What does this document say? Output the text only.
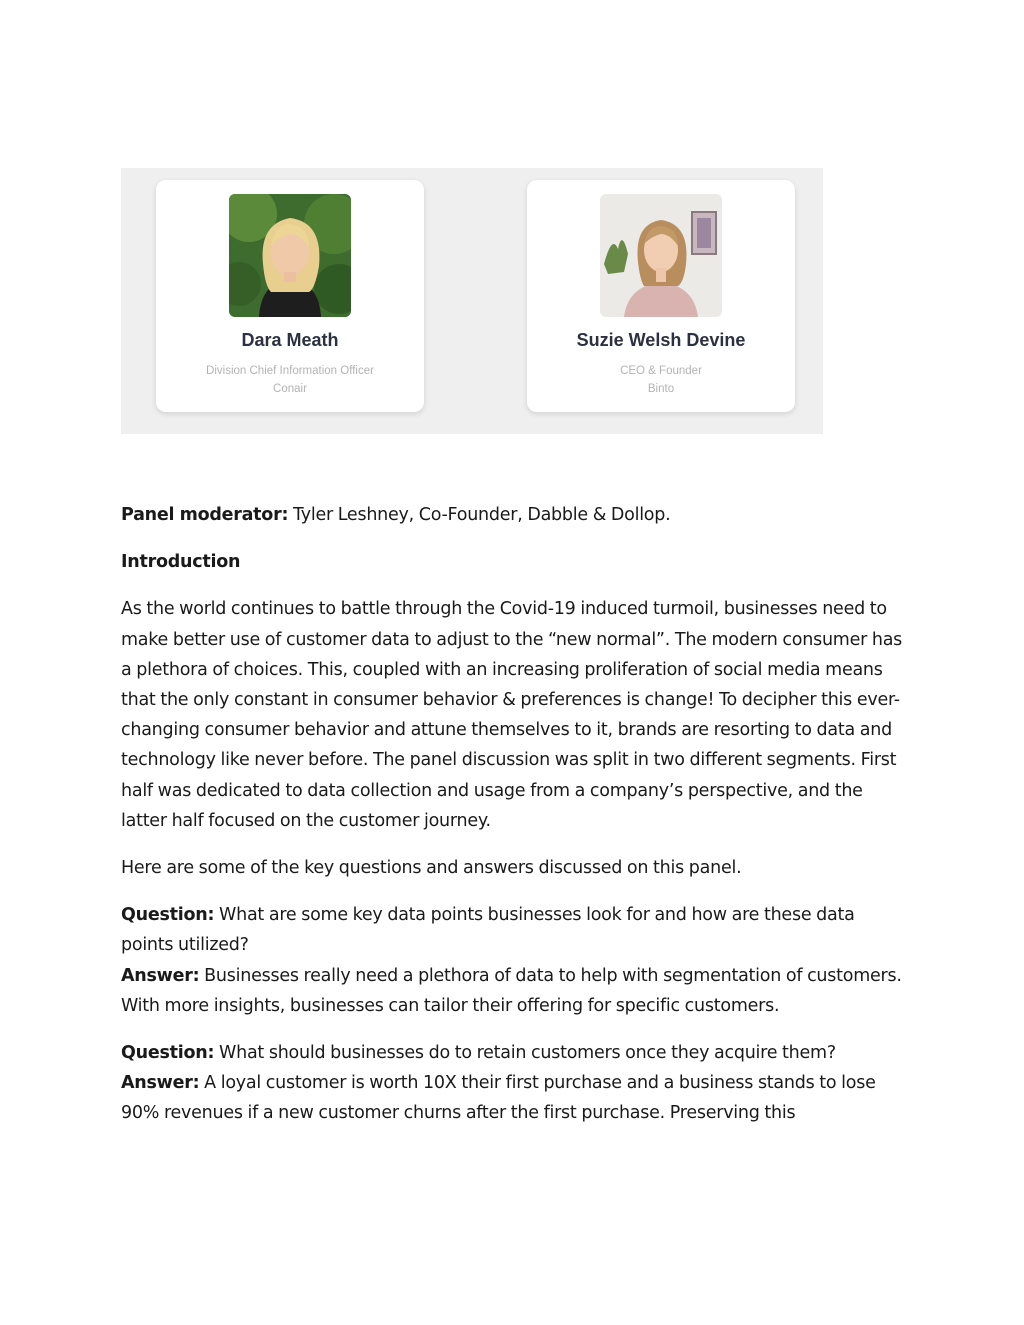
Dara Meath
Division Chief Information Officer
Conair
Suzie Welsh Devine
CEO & Founder
Binto

Panel moderator: Tyler Leshney, Co-Founder, Dabble & Dollop.

Introduction

As the world continues to battle through the Covid-19 induced turmoil, businesses need to make better use of customer data to adjust to the “new normal”. The modern consumer has a plethora of choices. This, coupled with an increasing proliferation of social media means that the only constant in consumer behavior & preferences is change! To decipher this ever-changing consumer behavior and attune themselves to it, brands are resorting to data and technology like never before. The panel discussion was split in two different segments. First half was dedicated to data collection and usage from a company’s perspective, and the latter half focused on the customer journey.

Here are some of the key questions and answers discussed on this panel.

Question: What are some key data points businesses look for and how are these data points utilized?
Answer: Businesses really need a plethora of data to help with segmentation of customers. With more insights, businesses can tailor their offering for specific customers.

Question: What should businesses do to retain customers once they acquire them?
Answer: A loyal customer is worth 10X their first purchase and a business stands to lose 90% revenues if a new customer churns after the first purchase. Preserving this
